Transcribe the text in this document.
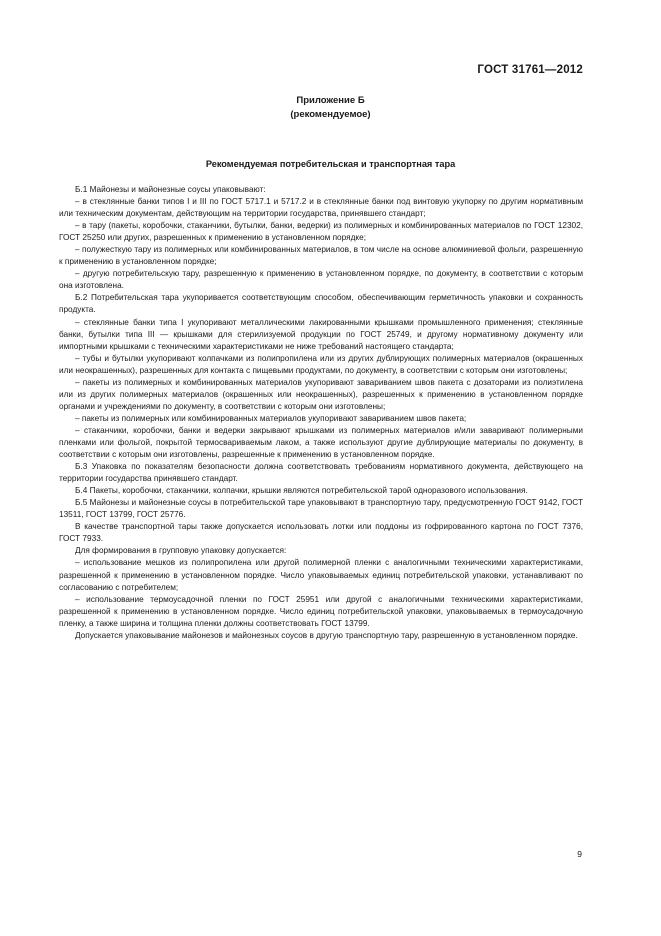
ГОСТ 31761—2012
Приложение Б
(рекомендуемое)
Рекомендуемая потребительская и транспортная тара

Б.1 Майонезы и майонезные соусы упаковывают:

– в стеклянные банки типов I и III по ГОСТ 5717.1 и 5717.2 и в стеклянные банки под винтовую укупорку по другим нормативным или техническим документам, действующим на территории государства, принявшего стандарт;

– в тару (пакеты, коробочки, стаканчики, бутылки, банки, ведерки) из полимерных и комбинированных материалов по ГОСТ 12302, ГОСТ 25250 или других, разрешенных к применению в установленном порядке;

– полужесткую тару из полимерных или комбинированных материалов, в том числе на основе алюминиевой фольги, разрешенную к применению в установленном порядке;

– другую потребительскую тару, разрешенную к применению в установленном порядке, по документу, в соответствии с которым она изготовлена.

Б.2 Потребительская тара укупоривается соответствующим способом, обеспечивающим герметичность упаковки и сохранность продукта.

– стеклянные банки типа I укупоривают металлическими лакированными крышками промышленного применения; стеклянные банки, бутылки типа III — крышками для стерилизуемой продукции по ГОСТ 25749, и другому нормативному документу или импортными крышками с техническими характеристиками не ниже требований настоящего стандарта;

– тубы и бутылки укупоривают колпачками из полипропилена или из других дублирующих полимерных материалов (окрашенных или неокрашенных), разрешенных для контакта с пищевыми продуктами, по документу, в соответствии с которым они изготовлены;

– пакеты из полимерных и комбинированных материалов укупоривают завариванием швов пакета с дозаторами из полиэтилена или из других полимерных материалов (окрашенных или неокрашенных), разрешенных к применению в установленном порядке органами и учреждениями по документу, в соответствии с которым они изготовлены;

– пакеты из полимерных или комбинированных материалов укупоривают завариванием швов пакета;

– стаканчики, коробочки, банки и ведерки закрывают крышками из полимерных материалов и/или заваривают полимерными пленками или фольгой, покрытой термосвариваемым лаком, а также используют другие дублирующие материалы по документу, в соответствии с которым они изготовлены, разрешенные к применению в установленном порядке.

Б.3 Упаковка по показателям безопасности должна соответствовать требованиям нормативного документа, действующего на территории государства принявшего стандарт.

Б.4 Пакеты, коробочки, стаканчики, колпачки, крышки являются потребительской тарой одноразового использования.

Б.5 Майонезы и майонезные соусы в потребительской таре упаковывают в транспортную тару, предусмотренную ГОСТ 9142, ГОСТ 13511, ГОСТ 13799, ГОСТ 25776.

В качестве транспортной тары также допускается использовать лотки или поддоны из гофрированного картона по ГОСТ 7376, ГОСТ 7933.

Для формирования в групповую упаковку допускается:

– использование мешков из полипропилена или другой полимерной пленки с аналогичными техническими характеристиками, разрешенной к применению в установленном порядке. Число упаковываемых единиц потребительской упаковки, устанавливают по согласованию с потребителем;

– использование термоусадочной пленки по ГОСТ 25951 или другой с аналогичными техническими характеристиками, разрешенной к применению в установленном порядке. Число единиц потребительской упаковки, упаковываемых в термоусадочную пленку, а также ширина и толщина пленки должны соответствовать ГОСТ 13799.

Допускается упаковывание майонезов и майонезных соусов в другую транспортную тару, разрешенную в установленном порядке.

9
